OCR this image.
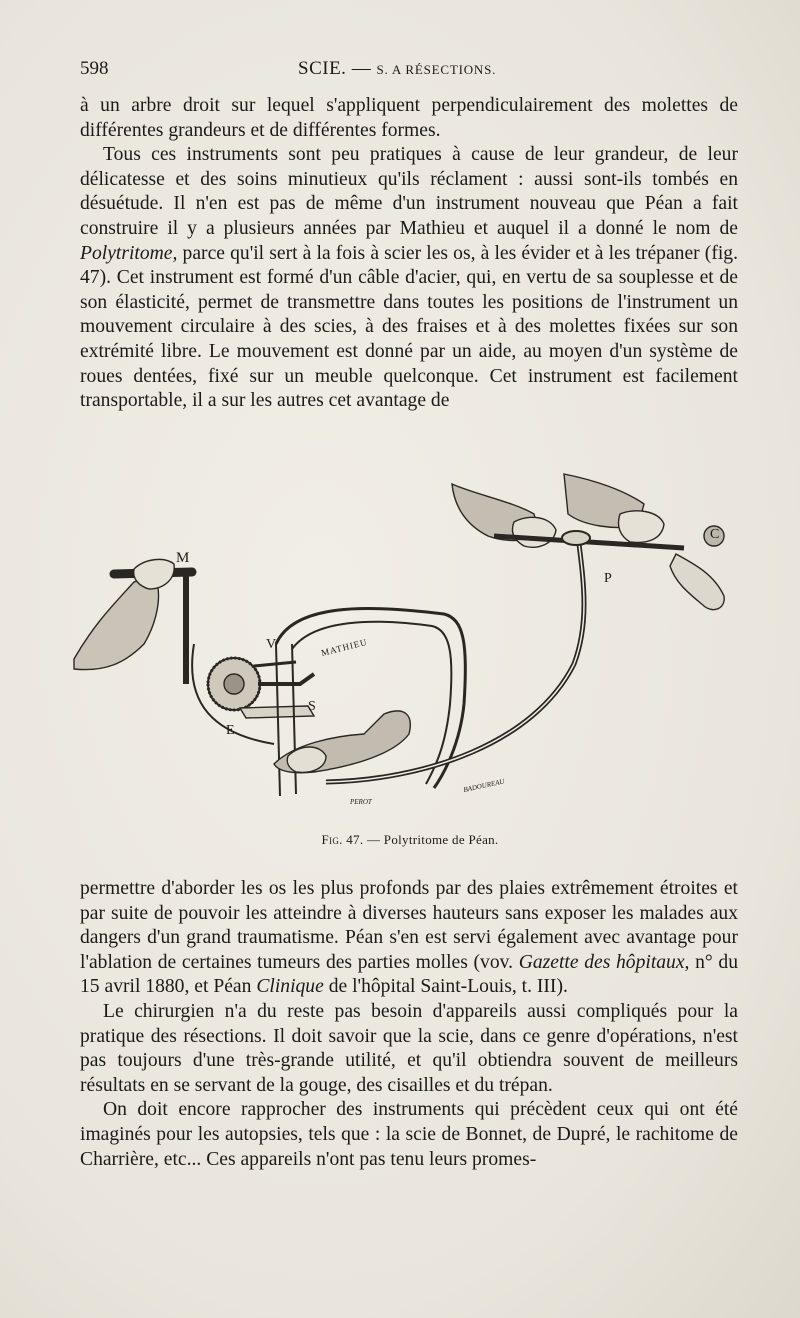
598	SCIE. — S. A RÉSECTIONS.

à un arbre droit sur lequel s'appliquent perpendiculairement des molettes de différentes grandeurs et de différentes formes.

Tous ces instruments sont peu pratiques à cause de leur grandeur, de leur délicatesse et des soins minutieux qu'ils réclament : aussi sont-ils tombés en désuétude. Il n'en est pas de même d'un instrument nouveau que Péan a fait construire il y a plusieurs années par Mathieu et auquel il a donné le nom de Polytritome, parce qu'il sert à la fois à scier les os, à les évider et à les trépaner (fig. 47). Cet instrument est formé d'un câble d'acier, qui, en vertu de sa souplesse et de son élasticité, permet de transmettre dans toutes les positions de l'instrument un mouvement circulaire à des scies, à des fraises et à des molettes fixées sur son extrémité libre. Le mouvement est donné par un aide, au moyen d'un système de roues dentées, fixé sur un meuble quelconque. Cet instrument est facilement transportable, il a sur les autres cet avantage de

M
V
E
S
P
C
MATHIEU
PEROT
BADOUREAU
Fig. 47. — Polytritome de Péan.

permettre d'aborder les os les plus profonds par des plaies extrêmement étroites et par suite de pouvoir les atteindre à diverses hauteurs sans exposer les malades aux dangers d'un grand traumatisme. Péan s'en est servi également avec avantage pour l'ablation de certaines tumeurs des parties molles (vov. Gazette des hôpitaux, n° du 15 avril 1880, et Péan Clinique de l'hôpital Saint-Louis, t. III).

Le chirurgien n'a du reste pas besoin d'appareils aussi compliqués pour la pratique des résections. Il doit savoir que la scie, dans ce genre d'opérations, n'est pas toujours d'une très-grande utilité, et qu'il obtiendra souvent de meilleurs résultats en se servant de la gouge, des cisailles et du trépan.

On doit encore rapprocher des instruments qui précèdent ceux qui ont été imaginés pour les autopsies, tels que : la scie de Bonnet, de Dupré, le rachitome de Charrière, etc... Ces appareils n'ont pas tenu leurs promes-
